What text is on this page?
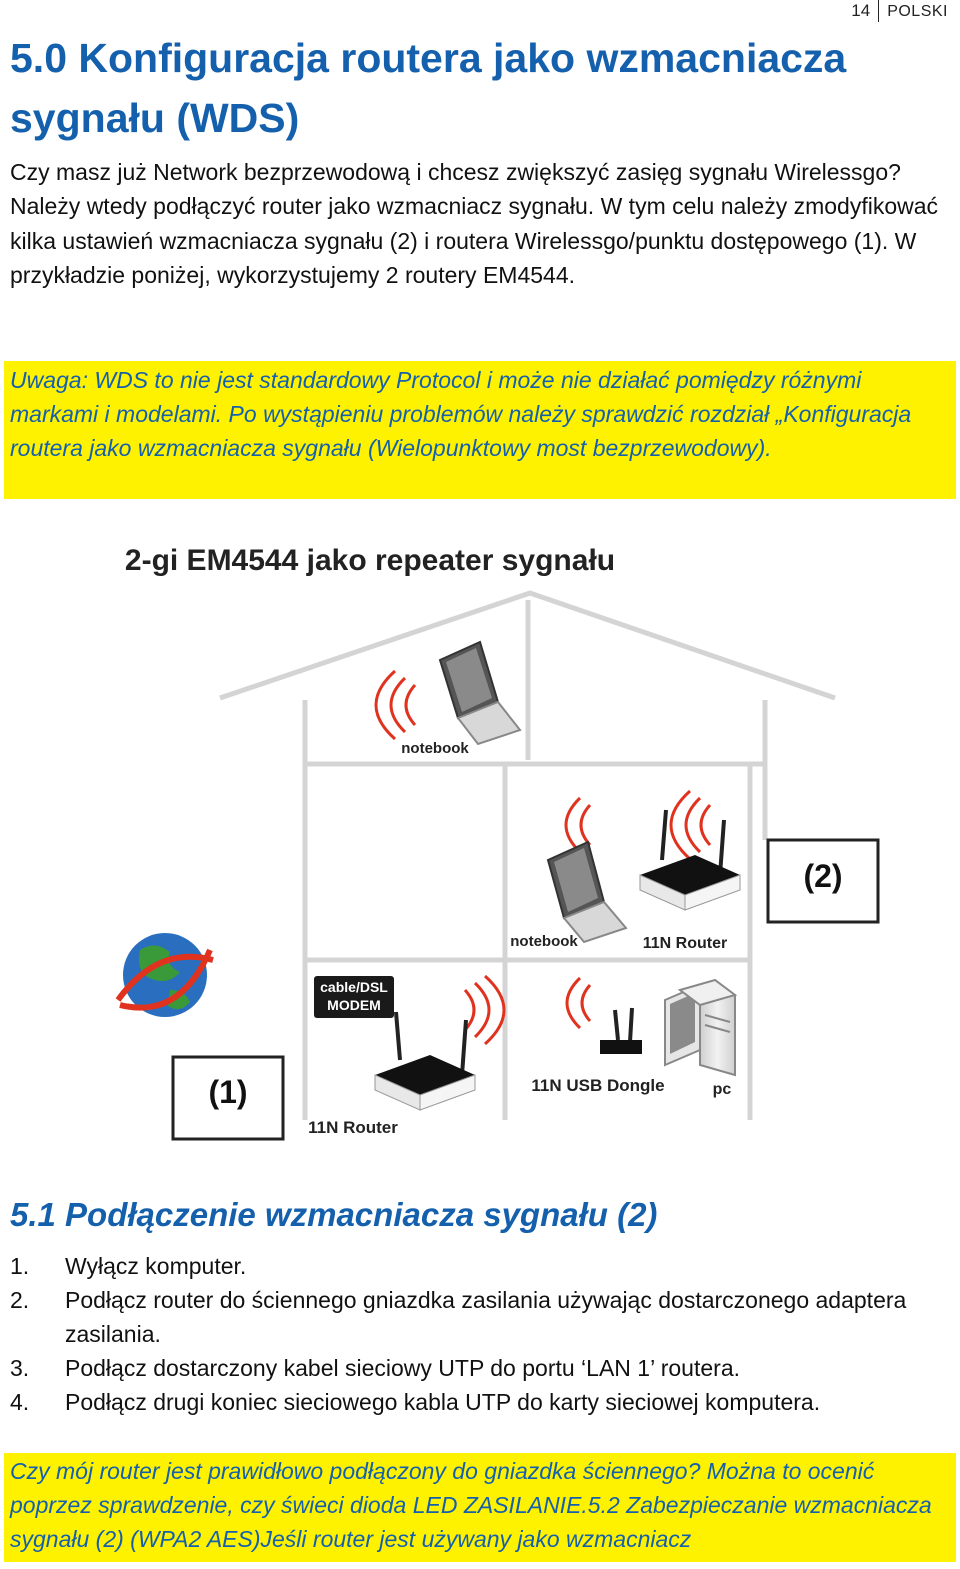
14 POLSKI
5.0 Konfiguracja routera jako wzmacniacza sygnału (WDS)

Czy masz już Network bezprzewodową i chcesz zwiększyć zasięg sygnału Wirelessgo? Należy wtedy podłączyć router jako wzmacniacz sygnału. W tym celu należy zmodyfikować kilka ustawień wzmacniacza sygnału (2) i routera Wirelessgo/punktu dostępowego (1). W przykładzie poniżej, wykorzystujemy 2 routery EM4544.

Uwaga: WDS to nie jest standardowy Protocol i może nie działać pomiędzy różnymi markami i modelami. Po wystąpieniu problemów należy sprawdzić rozdział „Konfiguracja routera jako wzmacniacza sygnału (Wielopunktowy most bezprzewodowy).

2-gi EM4544 jako repeater sygnału
notebook
notebook	11N Router
(2)
cable/DSL
MODEM
(1)
11N Router
11N USB Dongle	pc
5.1 Podłączenie wzmacniacza sygnału (2)
1. Wyłącz komputer.
2. Podłącz router do ściennego gniazdka zasilania używając dostarczonego adaptera zasilania.
3. Podłącz dostarczony kabel sieciowy UTP do portu ‘LAN 1’ routera.
4. Podłącz drugi koniec sieciowego kabla UTP do karty sieciowej komputera.

Czy mój router jest prawidłowo podłączony do gniazdka ściennego? Można to ocenić poprzez sprawdzenie, czy świeci dioda LED ZASILANIE.5.2 Zabezpieczanie wzmacniacza sygnału (2) (WPA2 AES)Jeśli router jest używany jako wzmacniacz
